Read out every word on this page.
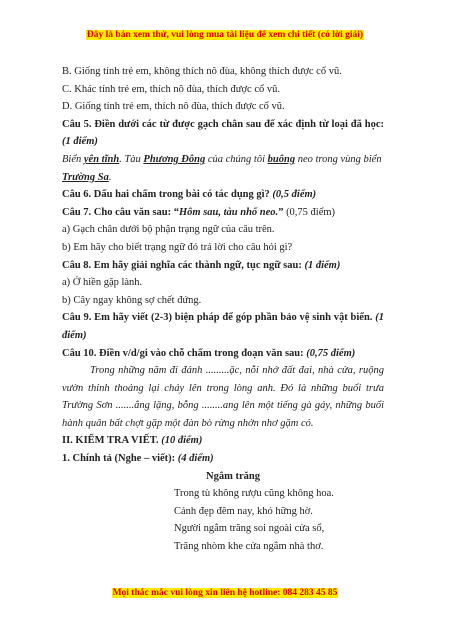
Đây là bản xem thử, vui lòng mua tài liệu để xem chi tiết (có lời giải)
B. Giống tính trẻ em, không thích nô đùa, không thích được cổ vũ.
C. Khác tính trẻ em, thích nô đùa, thích được cổ vũ.
D. Giống tính trẻ em, thích nô đùa, thích được cổ vũ.
Câu 5. Điền dưới các từ được gạch chân sau để xác định từ loại đã học: (1 điểm)
Biển yên tĩnh. Tàu Phương Đông của chúng tôi buông neo trong vùng biển Trường Sa.
Câu 6. Dấu hai chấm trong bài có tác dụng gì? (0,5 điểm)
Câu 7. Cho câu văn sau: “Hôm sau, tàu nhổ neo.” (0,75 điểm)
a) Gạch chân dưới bộ phận trạng ngữ của câu trên.
b) Em hãy cho biết trạng ngữ đó trả lời cho câu hỏi gì?
Câu 8. Em hãy giải nghĩa các thành ngữ, tục ngữ sau: (1 điểm)
a) Ở hiền gặp lành.
b) Cây ngay không sợ chết đứng.
Câu 9. Em hãy viết (2-3) biện pháp để góp phần bảo vệ sinh vật biển. (1 điểm)
Câu 10. Điền v/d/gi vào chỗ chấm trong đoạn văn sau: (0,75 điểm)
Trong những năm đi đánh .........ặc, nỗi nhớ đất đai, nhà cửa, ruộng vườn thỉnh thoảng lại cháy lên trong lòng anh. Đó là những buổi trưa Trường Sơn .......ắng lặng, bỗng ........ang lên một tiếng gà gáy, những buổi hành quân bất chợt gặp một đàn bò rừng nhởn nhơ gặm cỏ.
II. KIỂM TRA VIẾT. (10 điểm)
1. Chính tả (Nghe – viết): (4 điểm)
Ngắm trăng
Trong tù không rượu cũng không hoa.
Cảnh đẹp đêm nay, khó hững hờ.
Người ngắm trăng soi ngoài cửa sổ,
Trăng nhòm khe cửa ngắm nhà thơ.
Mọi thắc mắc vui lòng xin liên hệ hotline: 084 283 45 85
